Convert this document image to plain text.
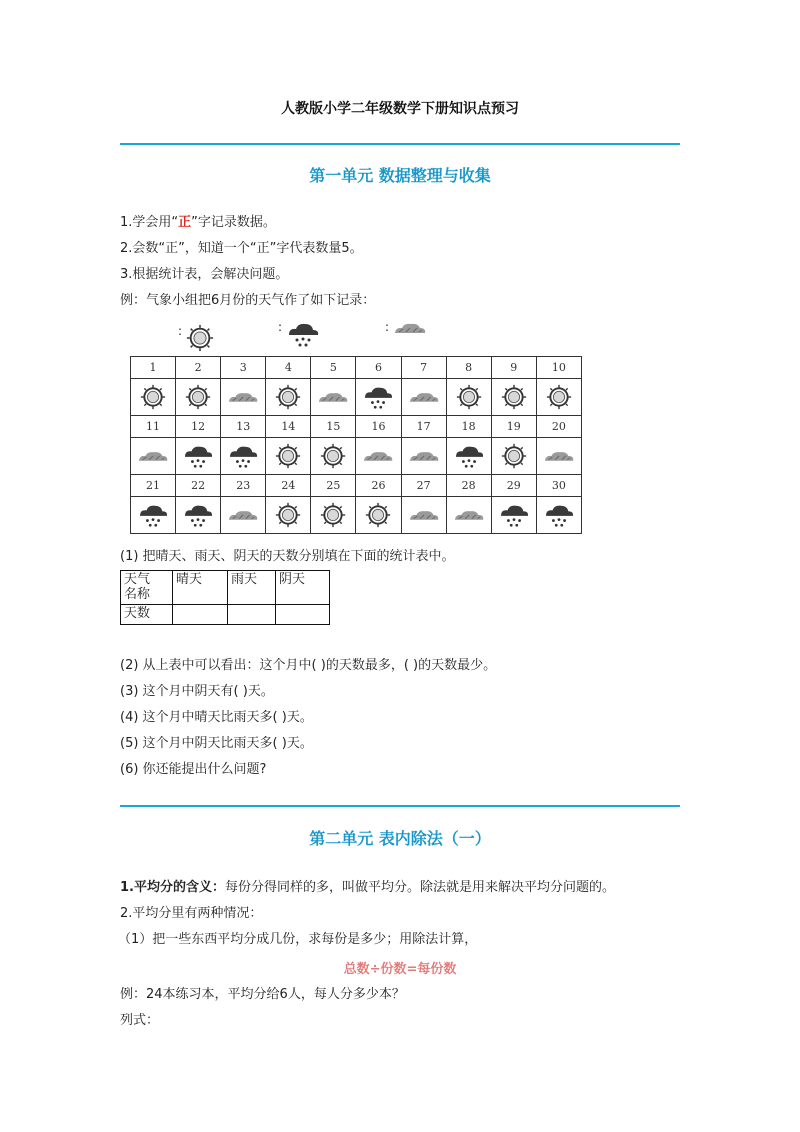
人教版小学二年级数学下册知识点预习
第一单元 数据整理与收集
1.学会用“正”字记录数据。
2.会数“正”，知道一个“正”字代表数量5。
3.根据统计表，会解决问题。
例：气象小组把6月份的天气作了如下记录：
:	:	:
1	2	3	4	5	6	7	8	9	10

11	12	13	14	15	16	17	18	19	20

21	22	23	24	25	26	27	28	29	30

(1) 把晴天、雨天、阴天的天数分别填在下面的统计表中。
天气
名称	晴天	雨天	阴天
天数			
(2) 从上表中可以看出：这个月中( )的天数最多，( )的天数最少。
(3) 这个月中阴天有( )天。
(4) 这个月中晴天比雨天多( )天。
(5) 这个月中阴天比雨天多( )天。
(6) 你还能提出什么问题?
第二单元 表内除法（一）
1.平均分的含义：每份分得同样的多，叫做平均分。除法就是用来解决平均分问题的。
2.平均分里有两种情况：
（1）把一些东西平均分成几份，求每份是多少；用除法计算，
总数÷份数=每份数
例：24本练习本，平均分给6人，每人分多少本？
列式：
